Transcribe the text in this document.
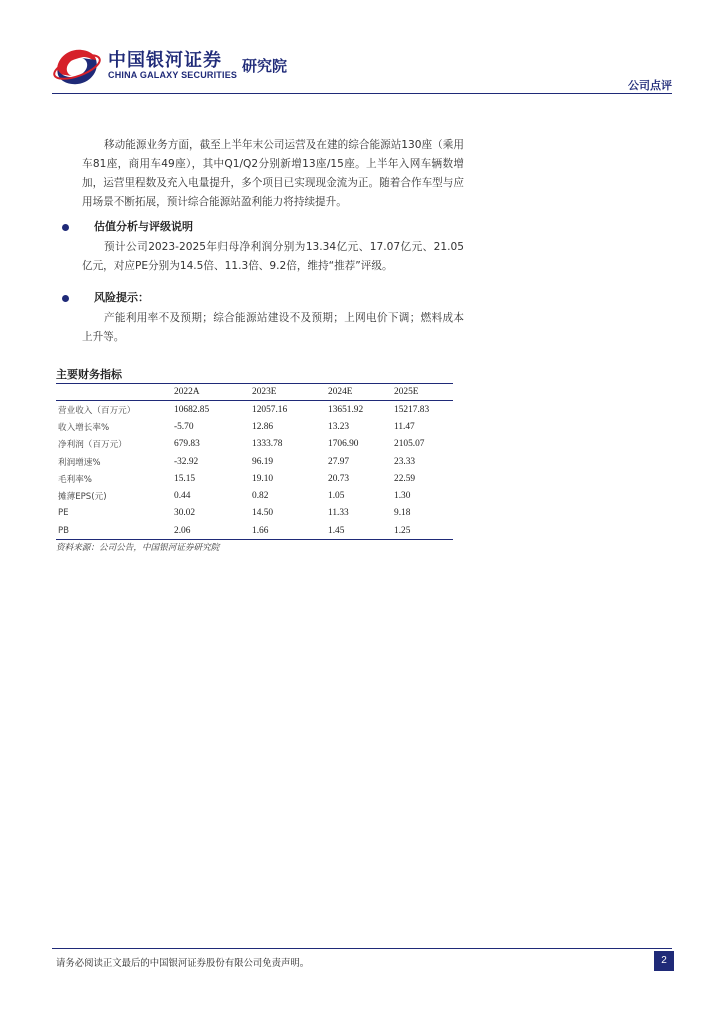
中国银河证券
CHINA GALAXY SECURITIES 研究院
公司点评

移动能源业务方面，截至上半年末公司运营及在建的综合能源站130座（乘用车81座，商用车49座），其中Q1/Q2分别新增13座/15座。上半年入网车辆数增加，运营里程数及充入电量提升，多个项目已实现现金流为正。随着合作车型与应用场景不断拓展，预计综合能源站盈利能力将持续提升。

估值分析与评级说明

预计公司2023-2025年归母净利润分别为13.34亿元、17.07亿元、21.05亿元，对应PE分别为14.5倍、11.3倍、9.2倍，维持“推荐”评级。

风险提示：

产能利用率不及预期；综合能源站建设不及预期；上网电价下调；燃料成本上升等。

主要财务指标
	2022A	2023E	2024E	2025E
营业收入（百万元）	10682.85	12057.16	13651.92	15217.83
收入增长率%	-5.70	12.86	13.23	11.47
净利润（百万元）	679.83	1333.78	1706.90	2105.07
利润增速%	-32.92	96.19	27.97	23.33
毛利率%	15.15	19.10	20.73	22.59
摊薄EPS(元)	0.44	0.82	1.05	1.30
PE	30.02	14.50	11.33	9.18
PB	2.06	1.66	1.45	1.25
资料来源：公司公告，中国银河证券研究院
请务必阅读正文最后的中国银河证券股份有限公司免责声明。	2
